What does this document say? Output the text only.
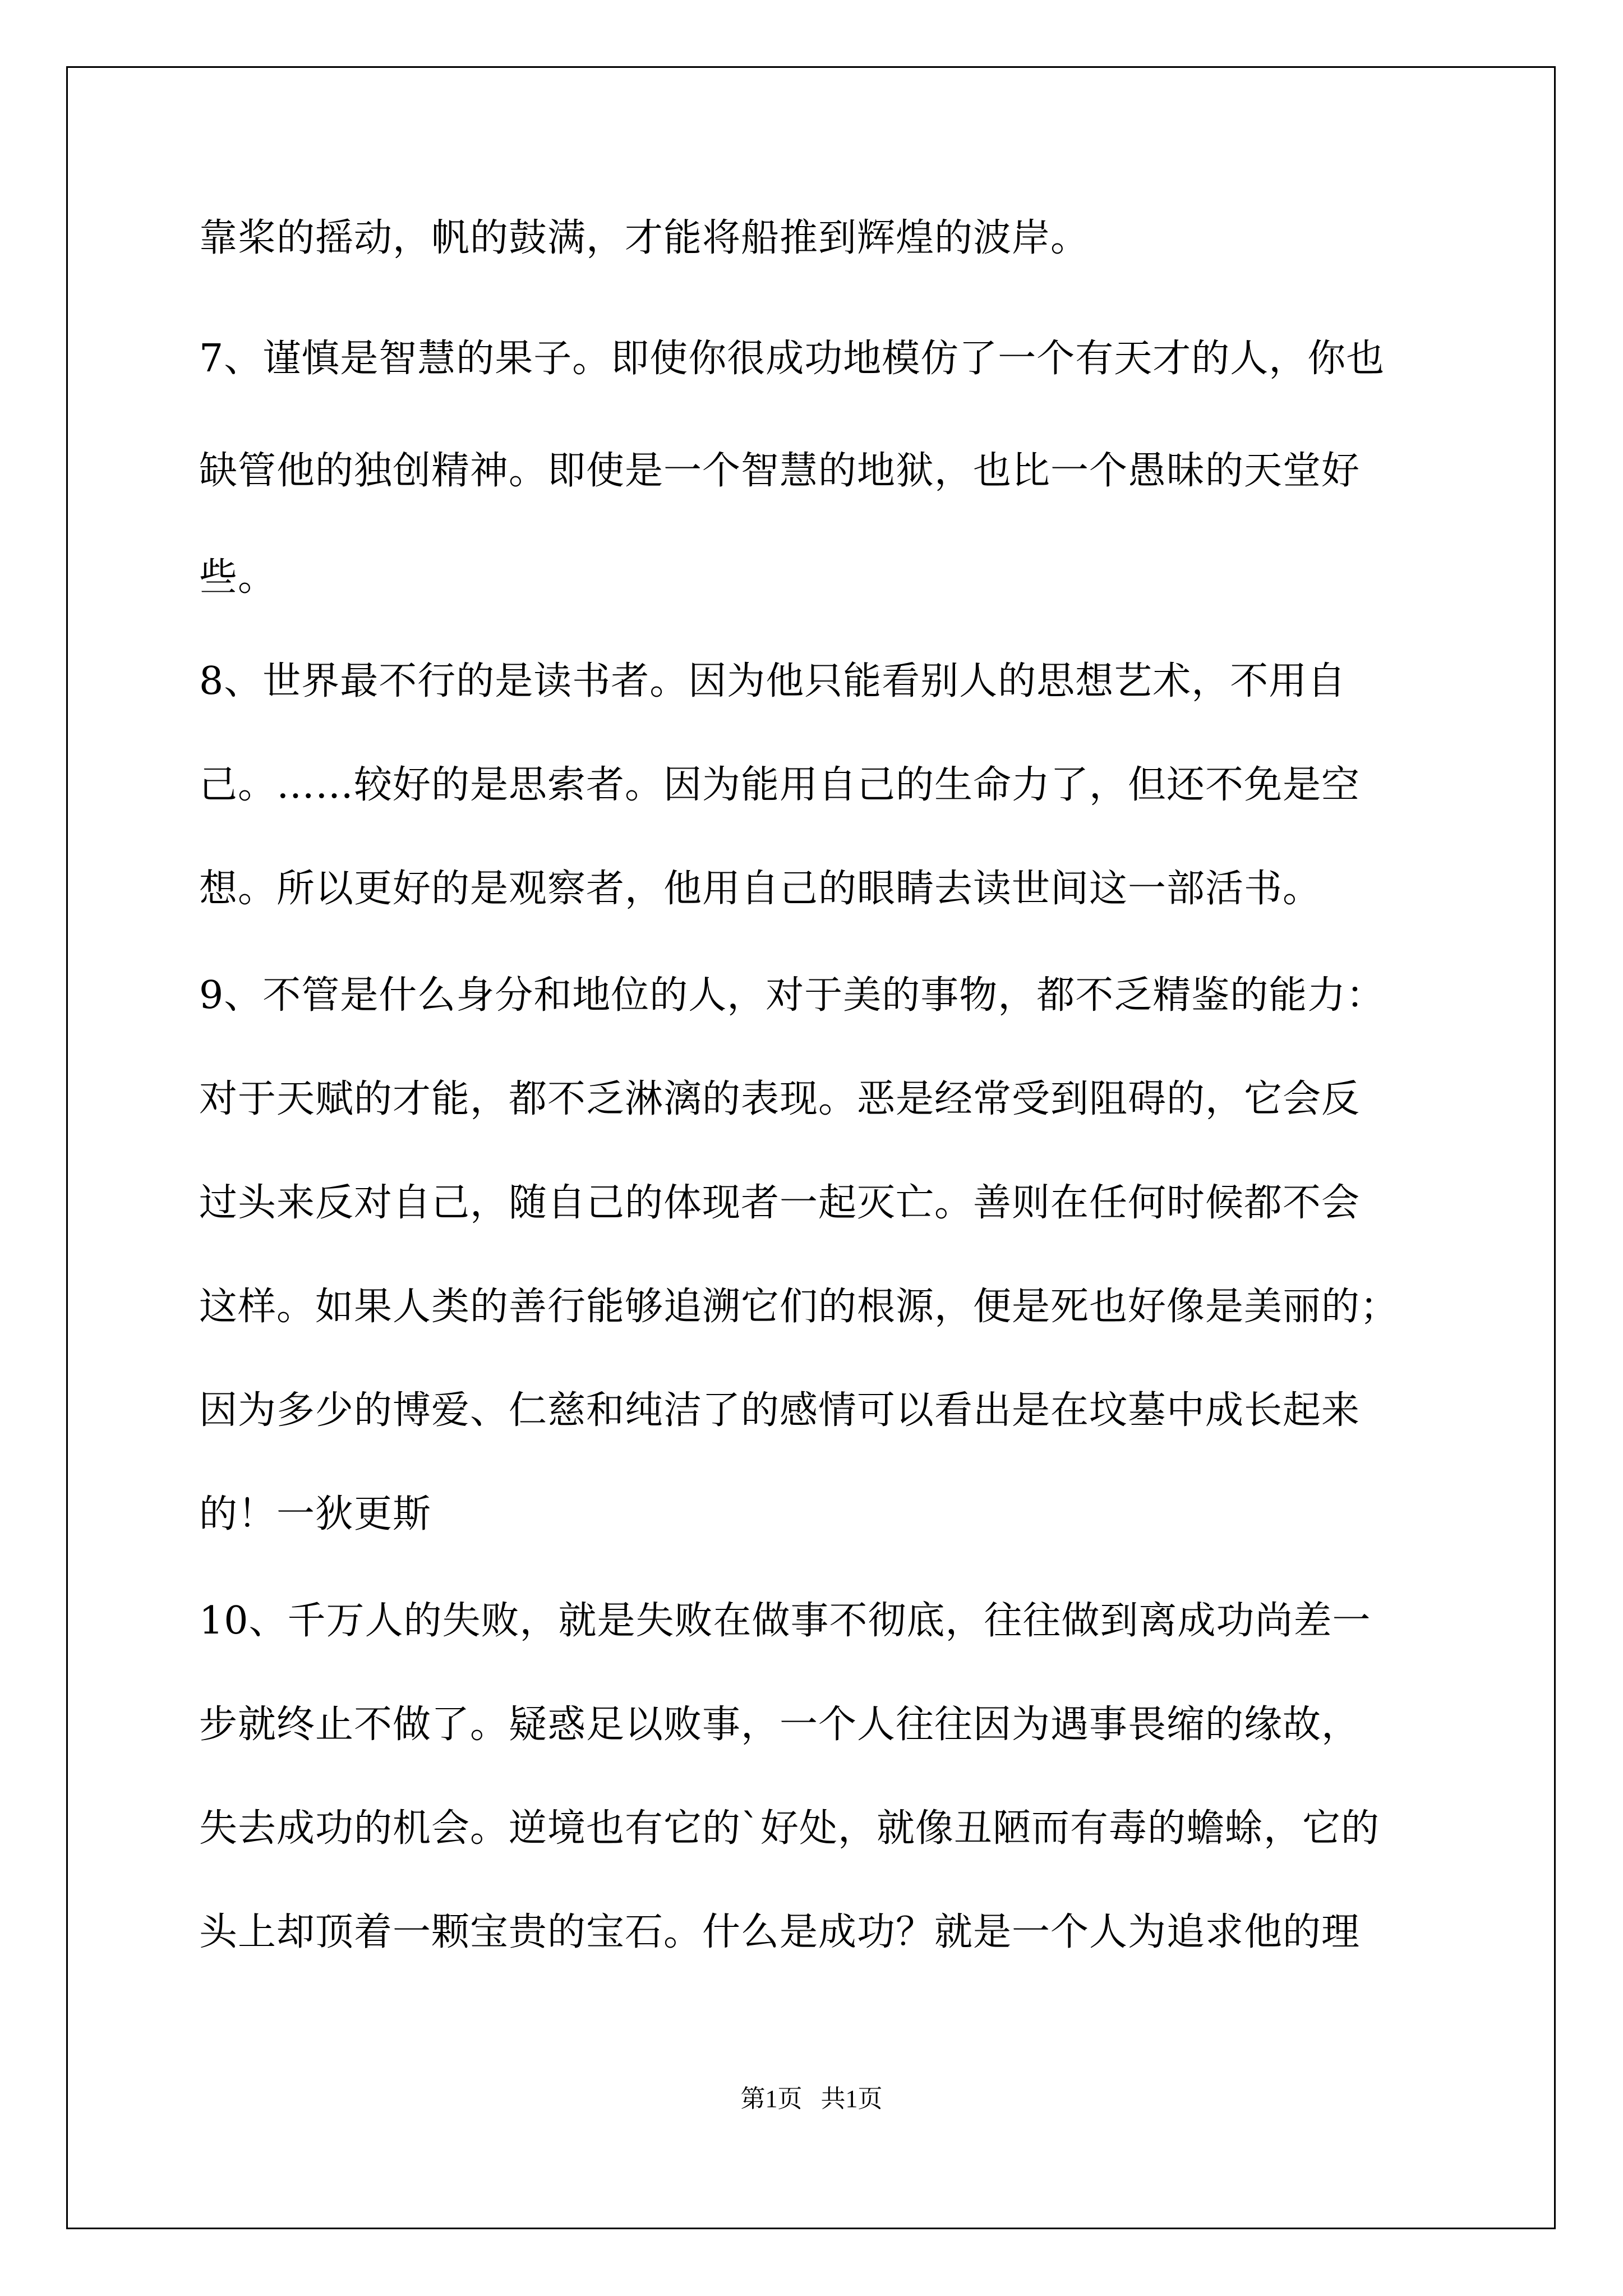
靠桨的摇动，帆的鼓满，才能将船推到辉煌的波岸。
7、谨慎是智慧的果子。即使你很成功地模仿了一个有天才的人，你也
缺管他的独创精神。即使是一个智慧的地狱，也比一个愚昧的天堂好
些。
8、世界最不行的是读书者。因为他只能看别人的思想艺术，不用自
己。……较好的是思索者。因为能用自己的生命力了，但还不免是空
想。所以更好的是观察者，他用自己的眼睛去读世间这一部活书。
9、不管是什么身分和地位的人，对于美的事物，都不乏精鉴的能力：
对于天赋的才能，都不乏淋漓的表现。恶是经常受到阻碍的，它会反
过头来反对自己，随自己的体现者一起灭亡。善则在任何时候都不会
这样。如果人类的善行能够追溯它们的根源，便是死也好像是美丽的；
因为多少的博爱、仁慈和纯洁了的感情可以看出是在坟墓中成长起来
的！一狄更斯
10、千万人的失败，就是失败在做事不彻底，往往做到离成功尚差一
步就终止不做了。疑惑足以败事，一个人往往因为遇事畏缩的缘故，
失去成功的机会。逆境也有它的`好处，就像丑陋而有毒的蟾蜍，它的
头上却顶着一颗宝贵的宝石。什么是成功？就是一个人为追求他的理
第1页   共1页
